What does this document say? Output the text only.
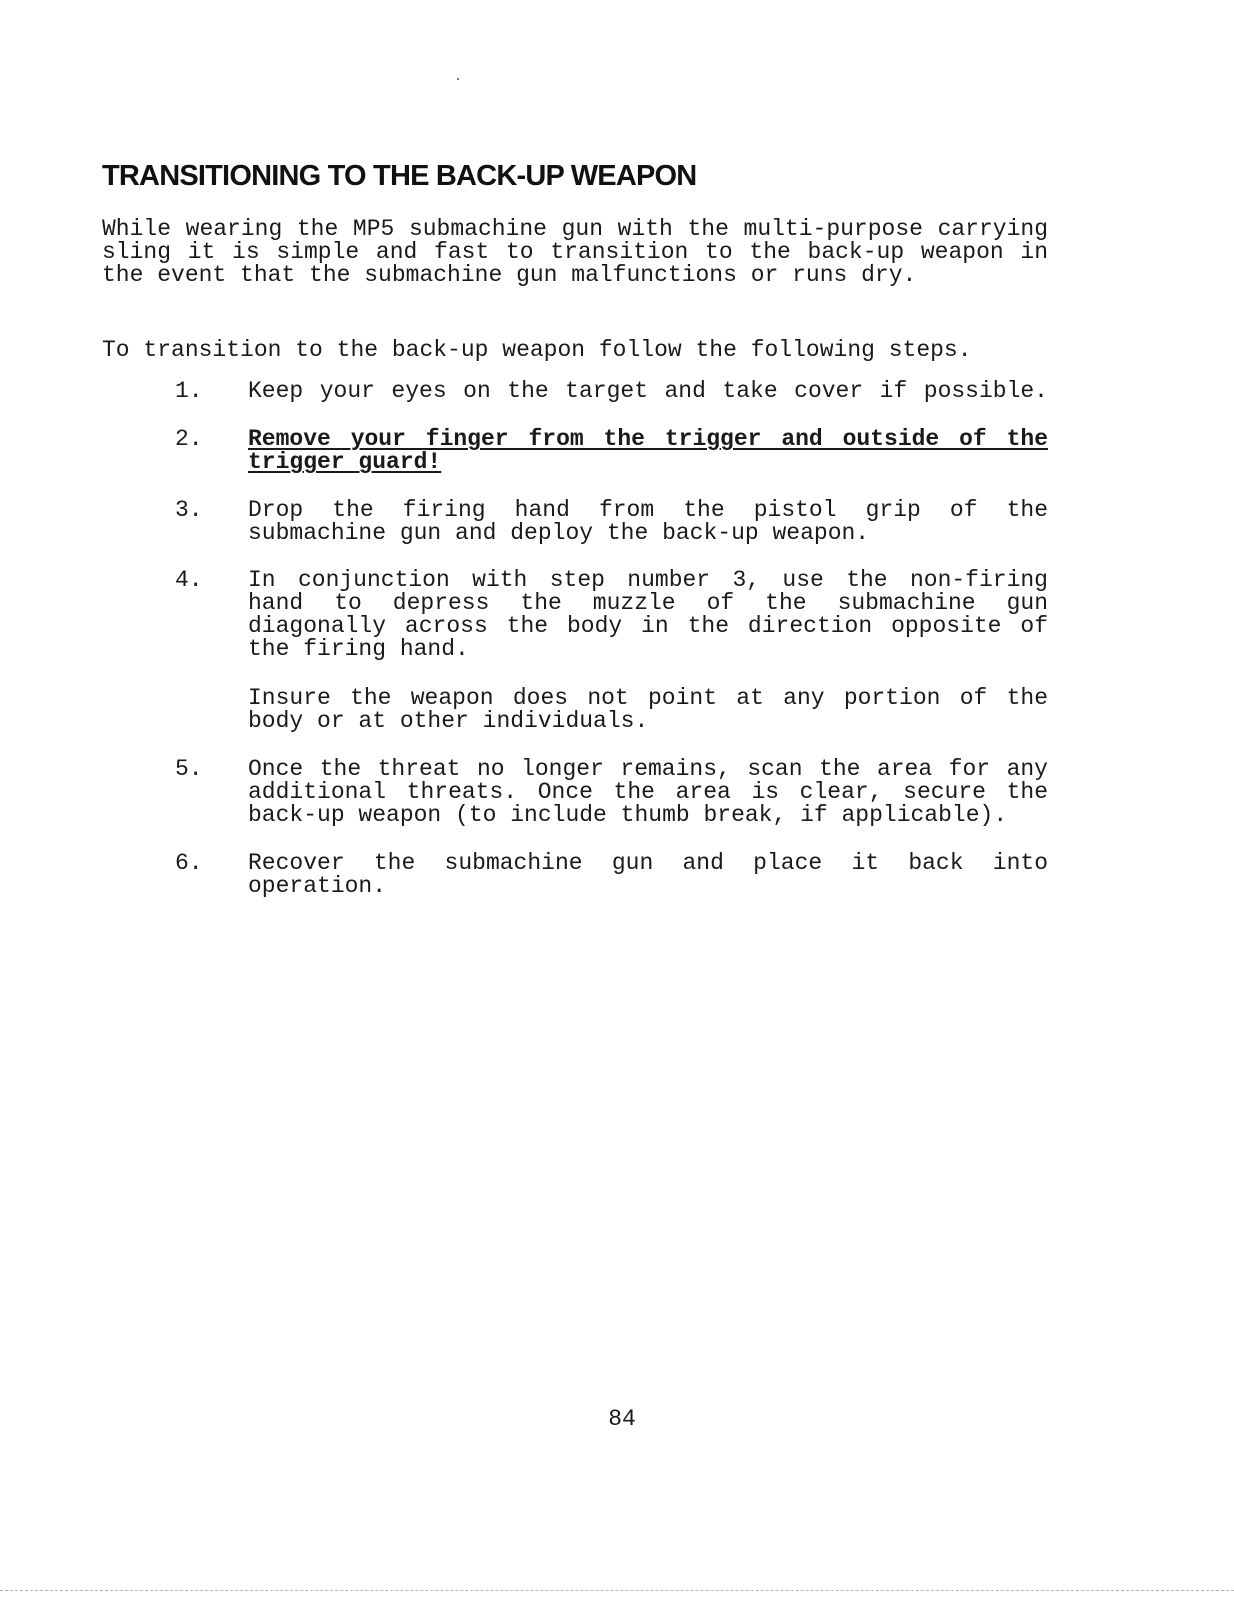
TRANSITIONING TO THE BACK-UP WEAPON

While wearing the MP5 submachine gun with the multi-purpose carrying sling it is simple and fast to transition to the back-up weapon in the event that the submachine gun malfunctions or runs dry.

To transition to the back-up weapon follow the following steps.

1.	Keep your eyes on the target and take cover if possible.

2.	Remove your finger from the trigger and outside of the trigger guard!

3.	Drop the firing hand from the pistol grip of the submachine gun and deploy the back-up weapon.

4.	In conjunction with step number 3, use the non-firing hand to depress the muzzle of the submachine gun diagonally across the body in the direction opposite of the firing hand.

Insure the weapon does not point at any portion of the body or at other individuals.

5.	Once the threat no longer remains, scan the area for any additional threats. Once the area is clear, secure the back-up weapon (to include thumb break, if applicable).

6.	Recover the submachine gun and place it back into operation.

84
